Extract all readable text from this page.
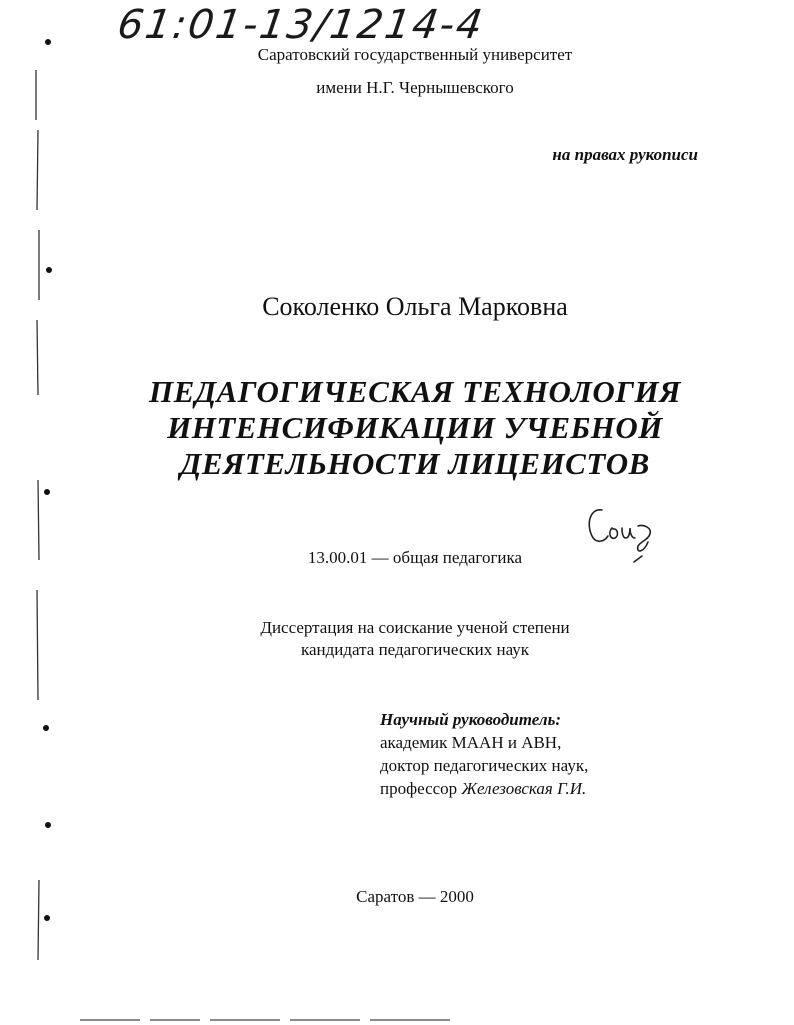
61:01-13/1214-4
Саратовский государственный университет
имени Н.Г. Чернышевского
на правах рукописи
Соколенко Ольга Марковна
ПЕДАГОГИЧЕСКАЯ ТЕХНОЛОГИЯ
ИНТЕНСИФИКАЦИИ УЧЕБНОЙ
ДЕЯТЕЛЬНОСТИ ЛИЦЕИСТОВ
13.00.01 — общая педагогика
Диссертация на соискание ученой степени
кандидата педагогических наук
Научный руководитель:
академик МААН и АВН,
доктор педагогических наук,
профессор Железовская Г.И.
Саратов — 2000
